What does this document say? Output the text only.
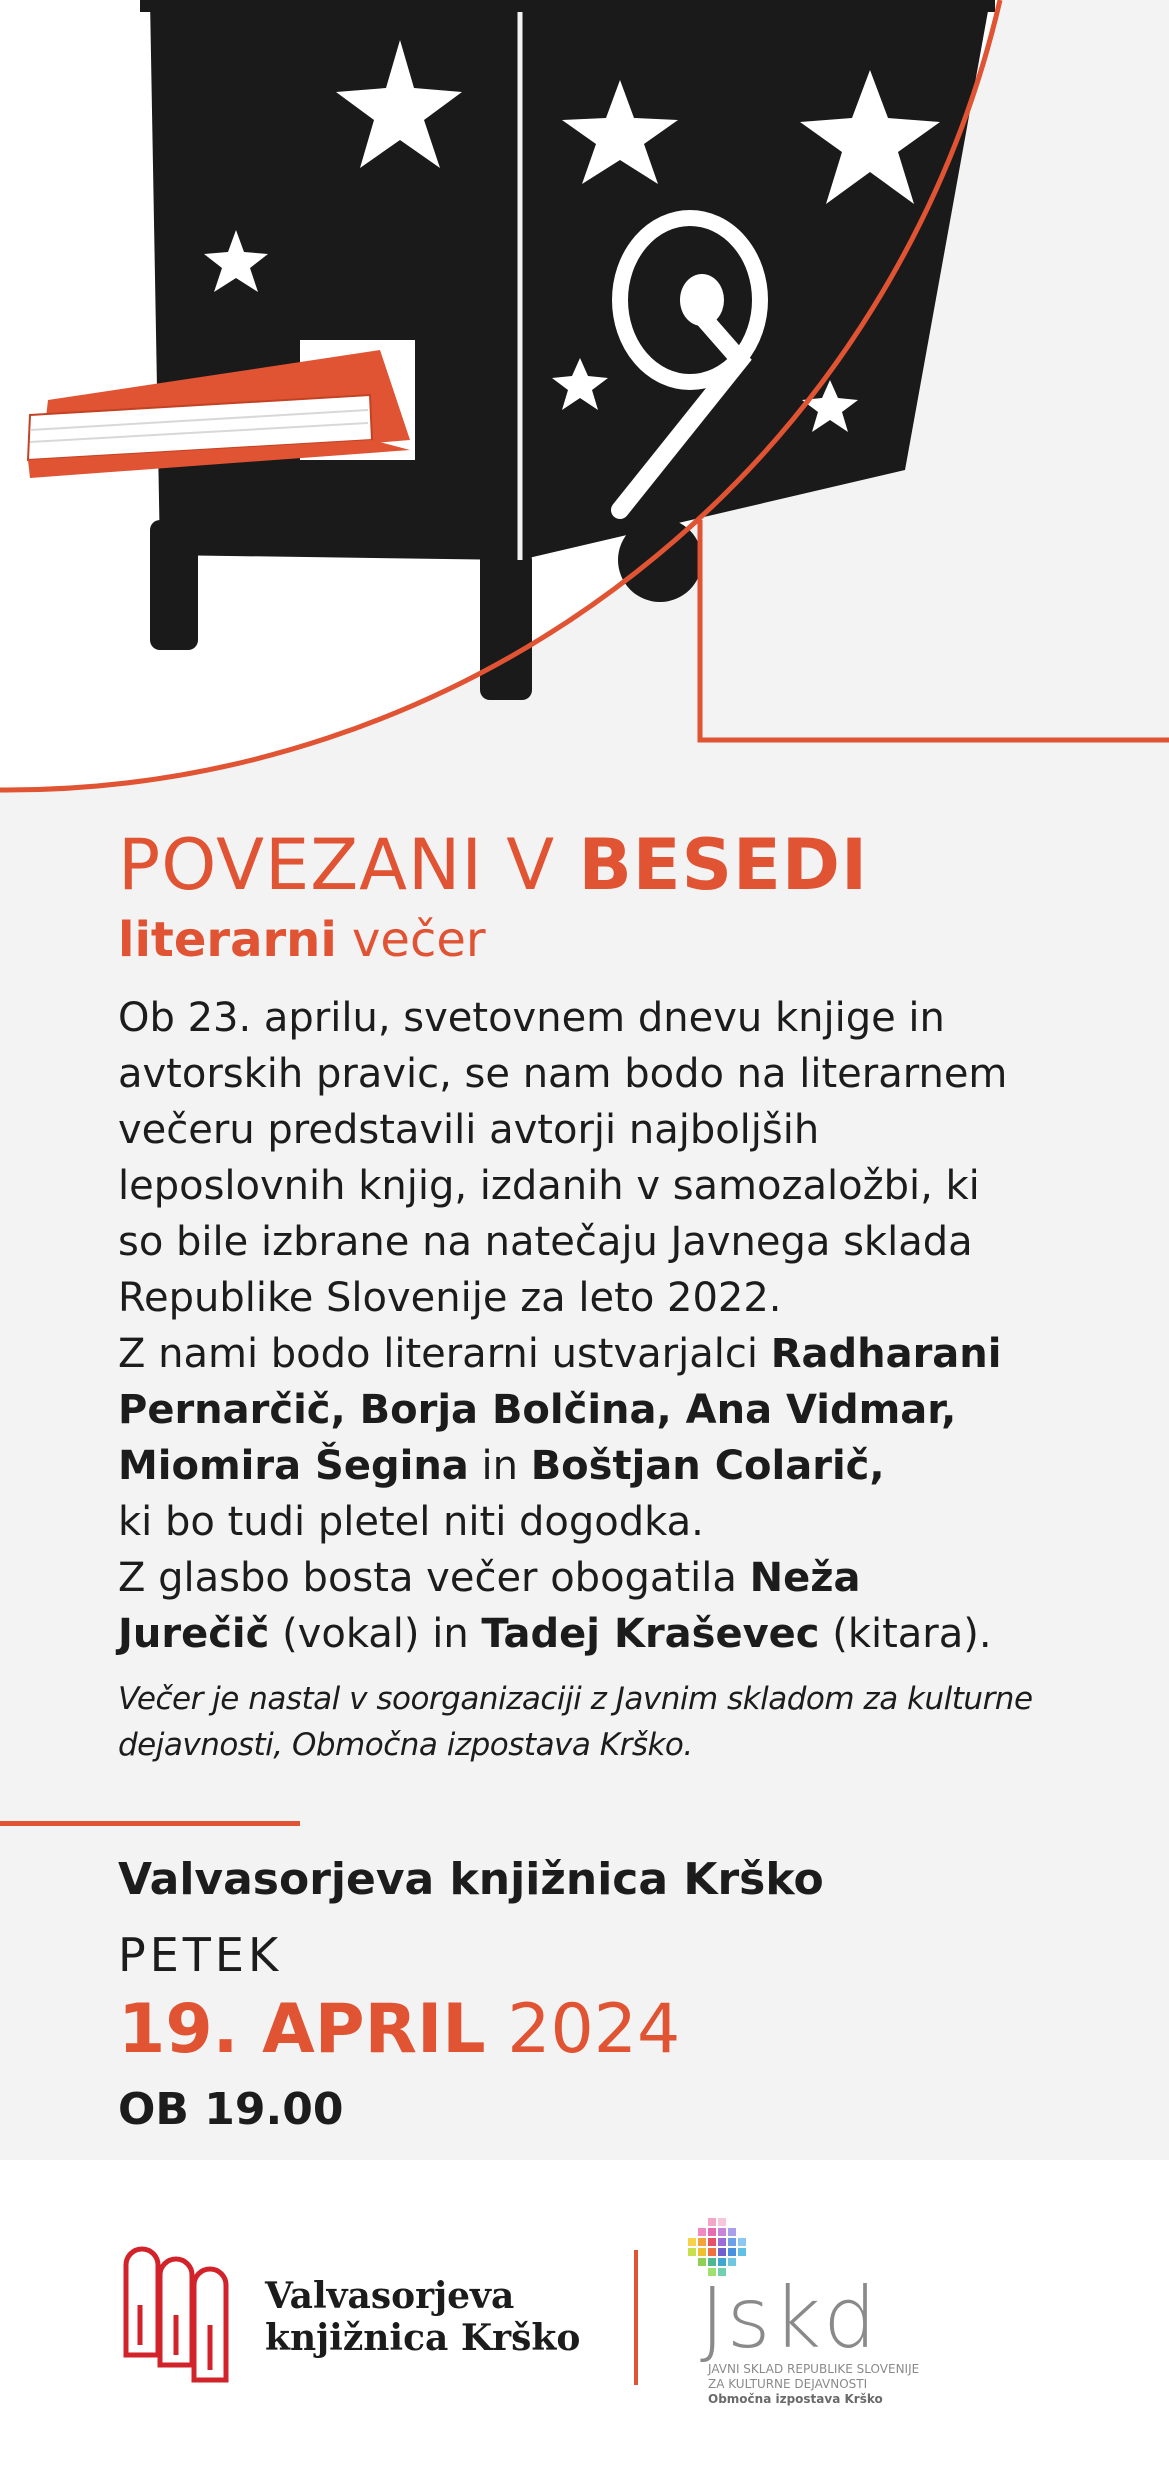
POVEZANI V BESEDI

literarni večer

Ob 23. aprilu, svetovnem dnevu knjige in
avtorskih pravic, se nam bodo na literarnem
večeru predstavili avtorji najboljših
leposlovnih knjig, izdanih v samozaložbi, ki
so bile izbrane na natečaju Javnega sklada
Republike Slovenije za leto 2022.
Z nami bodo literarni ustvarjalci Radharani
Pernarčič, Borja Bolčina, Ana Vidmar,
Miomira Šegina in Boštjan Colarič,
ki bo tudi pletel niti dogodka.
Z glasbo bosta večer obogatila Neža
Jurečič (vokal) in Tadej Kraševec (kitara).
Večer je nastal v soorganizaciji z Javnim skladom za kulturne
dejavnosti, Območna izpostava Krško.
Valvasorjeva knjižnica Krško
PETEK
19. APRIL 2024
OB 19.00
Valvasorjeva
knjižnica Krško Jskd
JAVNI SKLAD REPUBLIKE SLOVENIJE
ZA KULTURNE DEJAVNOSTI
Območna izpostava Krško
